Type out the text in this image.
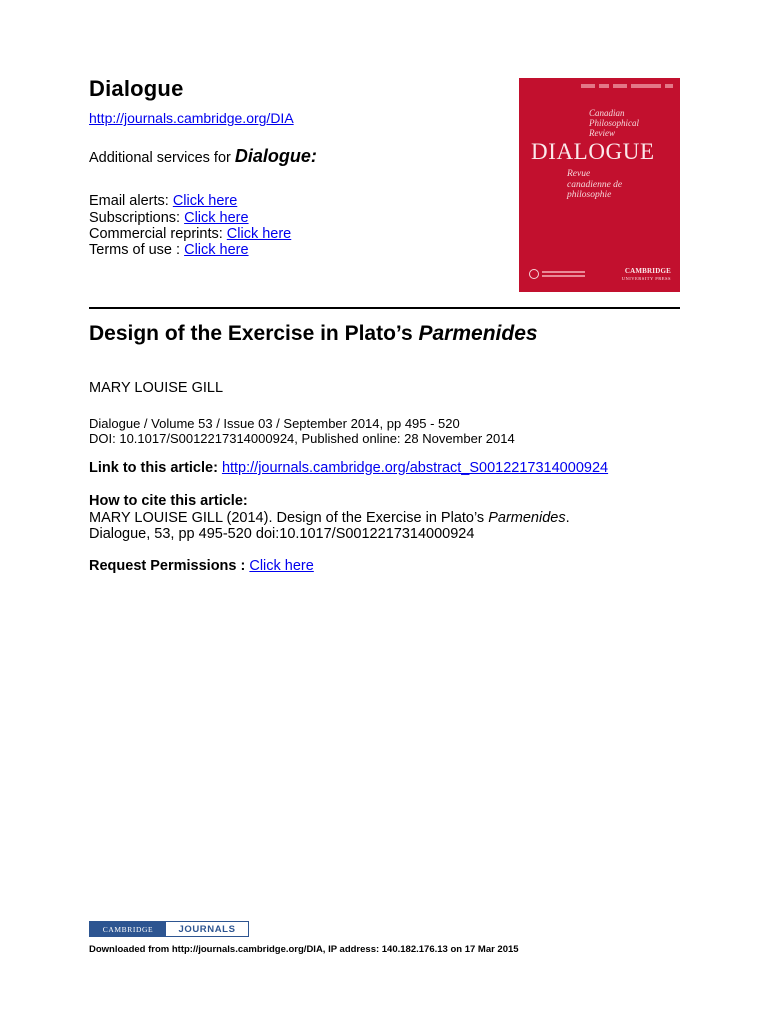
Dialogue
http://journals.cambridge.org/DIA
Additional services for Dialogue:
Email alerts: Click here
Subscriptions: Click here
Commercial reprints: Click here
Terms of use : Click here
Canadian
Philosophical
Review
DIALOGUE
Revue
canadienne de
philosophie
CAMBRIDGE
UNIVERSITY PRESS
Design of the Exercise in Plato’s Parmenides
MARY LOUISE GILL
Dialogue / Volume 53 / Issue 03 / September 2014, pp 495 - 520
DOI: 10.1017/S0012217314000924, Published online: 28 November 2014
Link to this article: http://journals.cambridge.org/abstract_S0012217314000924
How to cite this article:
MARY LOUISE GILL (2014). Design of the Exercise in Plato’s Parmenides.
Dialogue, 53, pp 495-520 doi:10.1017/S0012217314000924
Request Permissions : Click here
CAMBRIDGE	JOURNALS
Downloaded from http://journals.cambridge.org/DIA, IP address: 140.182.176.13 on 17 Mar 2015
